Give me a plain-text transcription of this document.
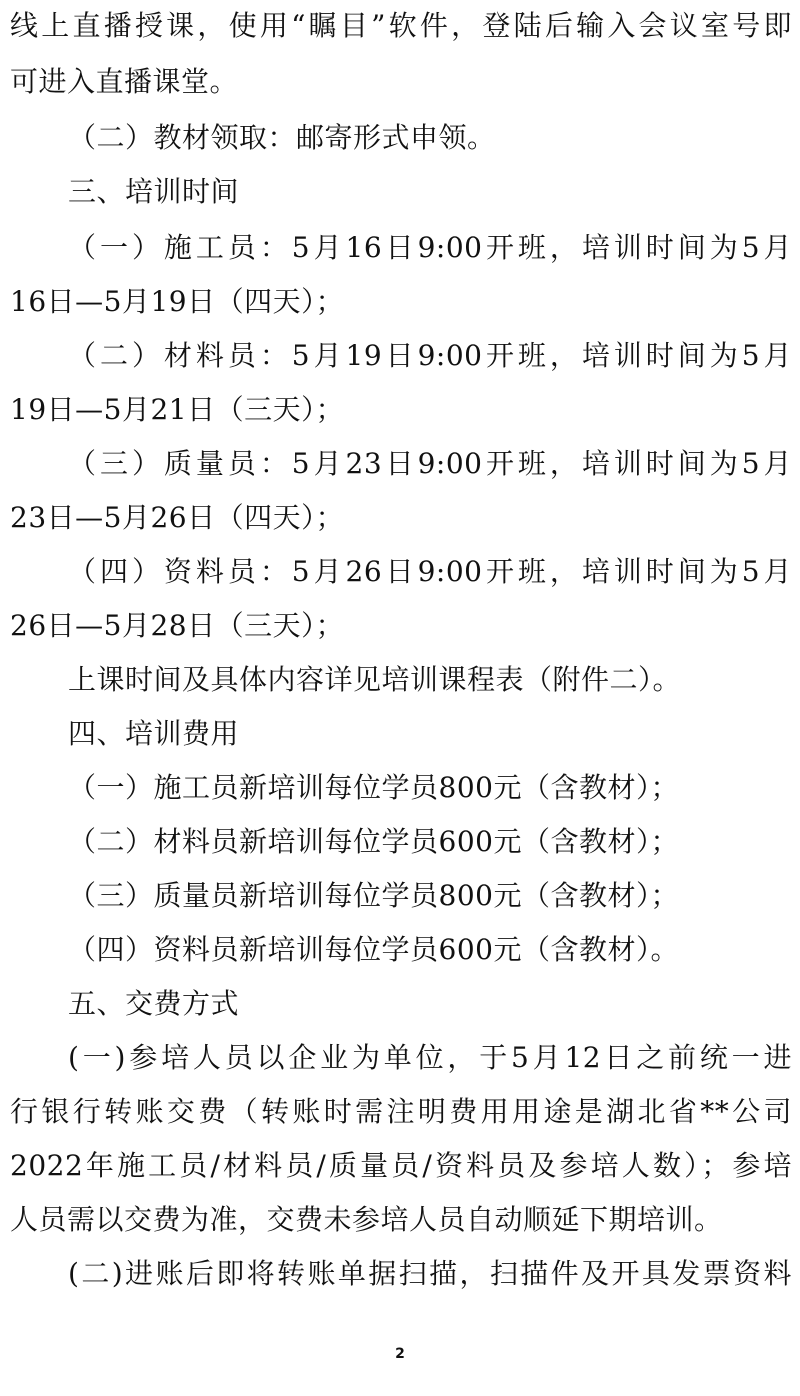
线上直播授课，使用“瞩目”软件，登陆后输入会议室号即
可进入直播课堂。
（二）教材领取：邮寄形式申领。
三、培训时间
（一）施工员：5月16日9:00开班，培训时间为5月
16日—5月19日（四天）；
（二）材料员：5月19日9:00开班，培训时间为5月
19日—5月21日（三天）；
（三）质量员：5月23日9:00开班，培训时间为5月
23日—5月26日（四天）；
（四）资料员：5月26日9:00开班，培训时间为5月
26日—5月28日（三天）；
上课时间及具体内容详见培训课程表（附件二）。
四、培训费用
（一）施工员新培训每位学员800元（含教材）；
（二）材料员新培训每位学员600元（含教材）；
（三）质量员新培训每位学员800元（含教材）；
（四）资料员新培训每位学员600元（含教材）。
五、交费方式
(一)参培人员以企业为单位，于5月12日之前统一进
行银行转账交费（转账时需注明费用用途是湖北省**公司
2022年施工员/材料员/质量员/资料员及参培人数）；参培
人员需以交费为准，交费未参培人员自动顺延下期培训。
(二)进账后即将转账单据扫描，扫描件及开具发票资料
2
